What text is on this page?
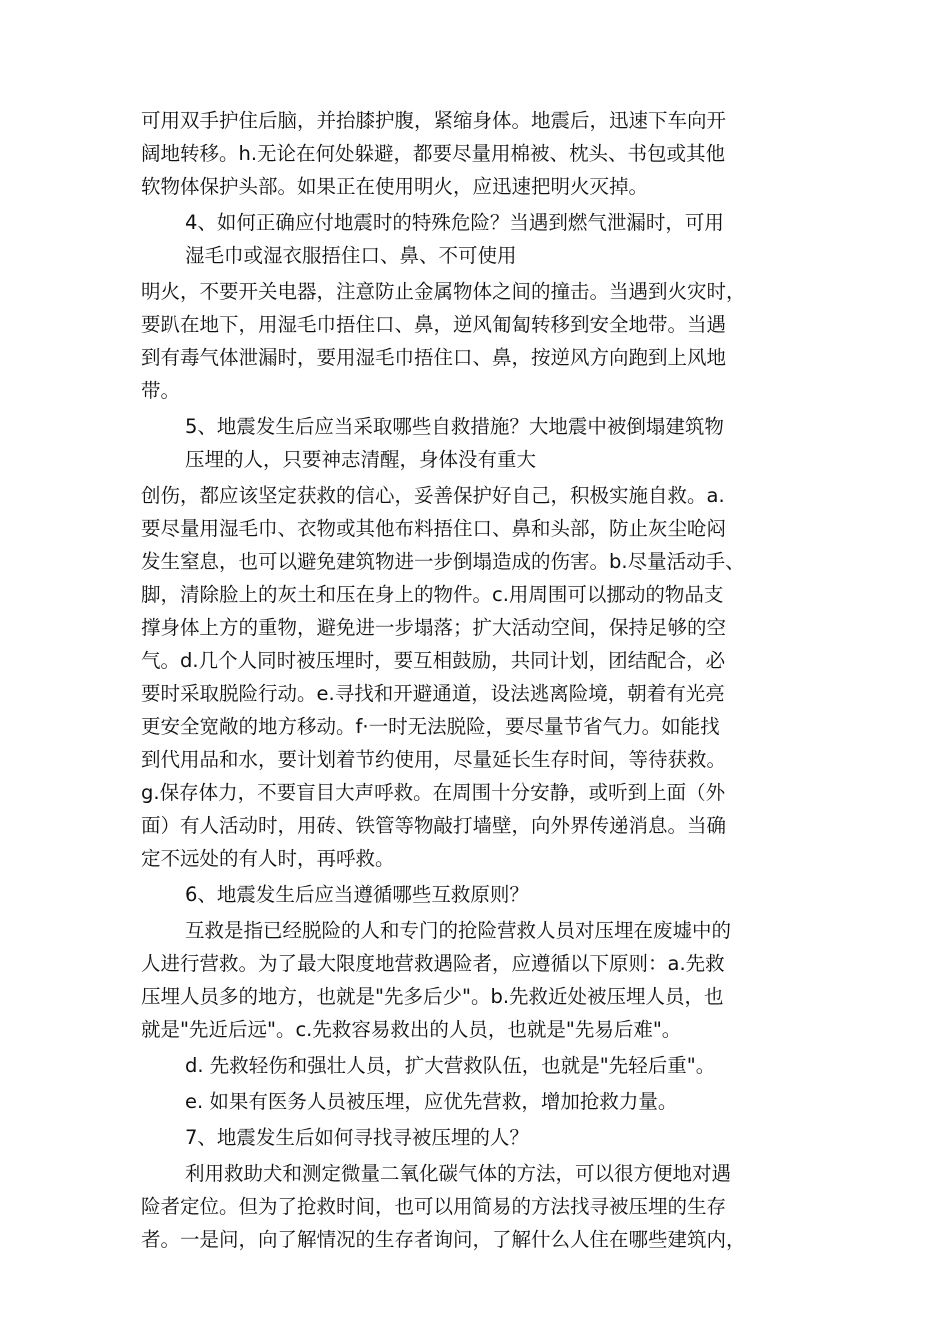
可用双手护住后脑，并抬膝护腹，紧缩身体。地震后，迅速下车向开
阔地转移。h.无论在何处躲避，都要尽量用棉被、枕头、书包或其他
软物体保护头部。如果正在使用明火，应迅速把明火灭掉。
4、如何正确应付地震时的特殊危险？当遇到燃气泄漏时，可用
湿毛巾或湿衣服捂住口、鼻、不可使用
明火，不要开关电器，注意防止金属物体之间的撞击。当遇到火灾时，
要趴在地下，用湿毛巾捂住口、鼻，逆风匍匐转移到安全地带。当遇
到有毒气体泄漏时，要用湿毛巾捂住口、鼻，按逆风方向跑到上风地
带。
5、地震发生后应当采取哪些自救措施？大地震中被倒塌建筑物
压埋的人，只要神志清醒，身体没有重大
创伤，都应该坚定获救的信心，妥善保护好自己，积极实施自救。a.
要尽量用湿毛巾、衣物或其他布料捂住口、鼻和头部，防止灰尘呛闷
发生窒息，也可以避免建筑物进一步倒塌造成的伤害。b.尽量活动手、
脚，清除脸上的灰土和压在身上的物件。c.用周围可以挪动的物品支
撑身体上方的重物，避免进一步塌落；扩大活动空间，保持足够的空
气。d.几个人同时被压埋时，要互相鼓励，共同计划，团结配合，必
要时采取脱险行动。e.寻找和开避通道，设法逃离险境，朝着有光亮
更安全宽敞的地方移动。f·一时无法脱险，要尽量节省气力。如能找
到代用品和水，要计划着节约使用，尽量延长生存时间，等待获救。
g.保存体力，不要盲目大声呼救。在周围十分安静，或听到上面（外
面）有人活动时，用砖、铁管等物敲打墙壁，向外界传递消息。当确
定不远处的有人时，再呼救。
6、地震发生后应当遵循哪些互救原则？
互救是指已经脱险的人和专门的抢险营救人员对压埋在废墟中的
人进行营救。为了最大限度地营救遇险者，应遵循以下原则：a.先救
压埋人员多的地方，也就是"先多后少"。b.先救近处被压埋人员，也
就是"先近后远"。c.先救容易救出的人员，也就是"先易后难"。
d. 先救轻伤和强壮人员，扩大营救队伍，也就是"先轻后重"。
e. 如果有医务人员被压埋，应优先营救，增加抢救力量。
7、地震发生后如何寻找寻被压埋的人？
利用救助犬和测定微量二氧化碳气体的方法，可以很方便地对遇
险者定位。但为了抢救时间，也可以用简易的方法找寻被压埋的生存
者。一是问，向了解情况的生存者询问，了解什么人住在哪些建筑内，
